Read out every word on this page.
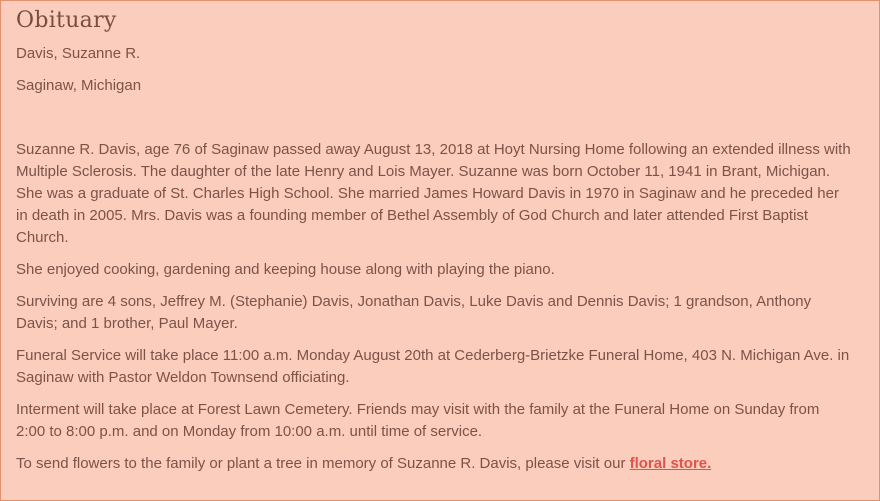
Obituary

Davis, Suzanne R.

Saginaw, Michigan

Suzanne R. Davis, age 76 of Saginaw passed away August 13, 2018 at Hoyt Nursing Home following an extended illness with Multiple Sclerosis. The daughter of the late Henry and Lois Mayer. Suzanne was born October 11, 1941 in Brant, Michigan. She was a graduate of St. Charles High School. She married James Howard Davis in 1970 in Saginaw and he preceded her in death in 2005. Mrs. Davis was a founding member of Bethel Assembly of God Church and later attended First Baptist Church.

She enjoyed cooking, gardening and keeping house along with playing the piano.

Surviving are 4 sons, Jeffrey M. (Stephanie) Davis, Jonathan Davis, Luke Davis and Dennis Davis; 1 grandson, Anthony Davis; and 1 brother, Paul Mayer.

Funeral Service will take place 11:00 a.m. Monday August 20th at Cederberg-Brietzke Funeral Home, 403 N. Michigan Ave. in Saginaw with Pastor Weldon Townsend officiating.

Interment will take place at Forest Lawn Cemetery. Friends may visit with the family at the Funeral Home on Sunday from 2:00 to 8:00 p.m. and on Monday from 10:00 a.m. until time of service.

To send flowers to the family or plant a tree in memory of Suzanne R. Davis, please visit our floral store.
